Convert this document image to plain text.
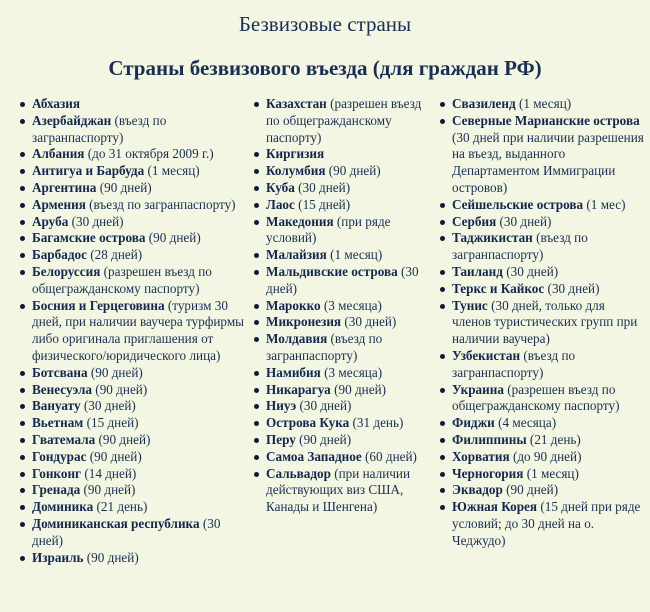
Безвизовые страны
Страны безвизового въезда (для граждан РФ)
Абхазия
Азербайджан (въезд по загранпаспорту)
Албания (до 31 октября 2009 г.)
Антигуа и Барбуда (1 месяц)
Аргентина (90 дней)
Армения (въезд по загранпаспорту)
Аруба (30 дней)
Багамские острова (90 дней)
Барбадос (28 дней)
Белоруссия (разрешен въезд по общегражданскому паспорту)
Босния и Герцеговина (туризм 30 дней, при наличии ваучера турфирмы либо оригинала приглашения от физического/юридического лица)
Ботсвана (90 дней)
Венесуэла (90 дней)
Вануату (30 дней)
Вьетнам (15 дней)
Гватемала (90 дней)
Гондурас (90 дней)
Гонконг (14 дней)
Гренада (90 дней)
Доминика (21 день)
Доминиканская республика (30 дней)
Израиль (90 дней)
Казахстан (разрешен въезд по общегражданскому паспорту)
Киргизия
Колумбия (90 дней)
Куба (30 дней)
Лаос (15 дней)
Македония (при ряде условий)
Малайзия (1 месяц)
Мальдивские острова (30 дней)
Марокко (3 месяца)
Микронезия (30 дней)
Молдавия (въезд по загранпаспорту)
Намибия (3 месяца)
Никарагуа (90 дней)
Ниуэ (30 дней)
Острова Кука (31 день)
Перу (90 дней)
Самоа Западное (60 дней)
Сальвадор (при наличии действующих виз США, Канады и Шенгена)
Свазиленд (1 месяц)
Северные Марианские острова (30 дней при наличии разрешения на въезд, выданного Департаментом Иммиграции островов)
Сейшельские острова (1 мес)
Сербия (30 дней)
Таджикистан (въезд по загранпаспорту)
Таиланд (30 дней)
Теркс и Кайкос (30 дней)
Тунис (30 дней, только для членов туристических групп при наличии ваучера)
Узбекистан (въезд по загранпаспорту)
Украина (разрешен въезд по общегражданскому паспорту)
Фиджи (4 месяца)
Филиппины (21 день)
Хорватия (до 90 дней)
Черногория (1 месяц)
Эквадор (90 дней)
Южная Корея (15 дней при ряде условий; до 30 дней на о. Чеджудо)
